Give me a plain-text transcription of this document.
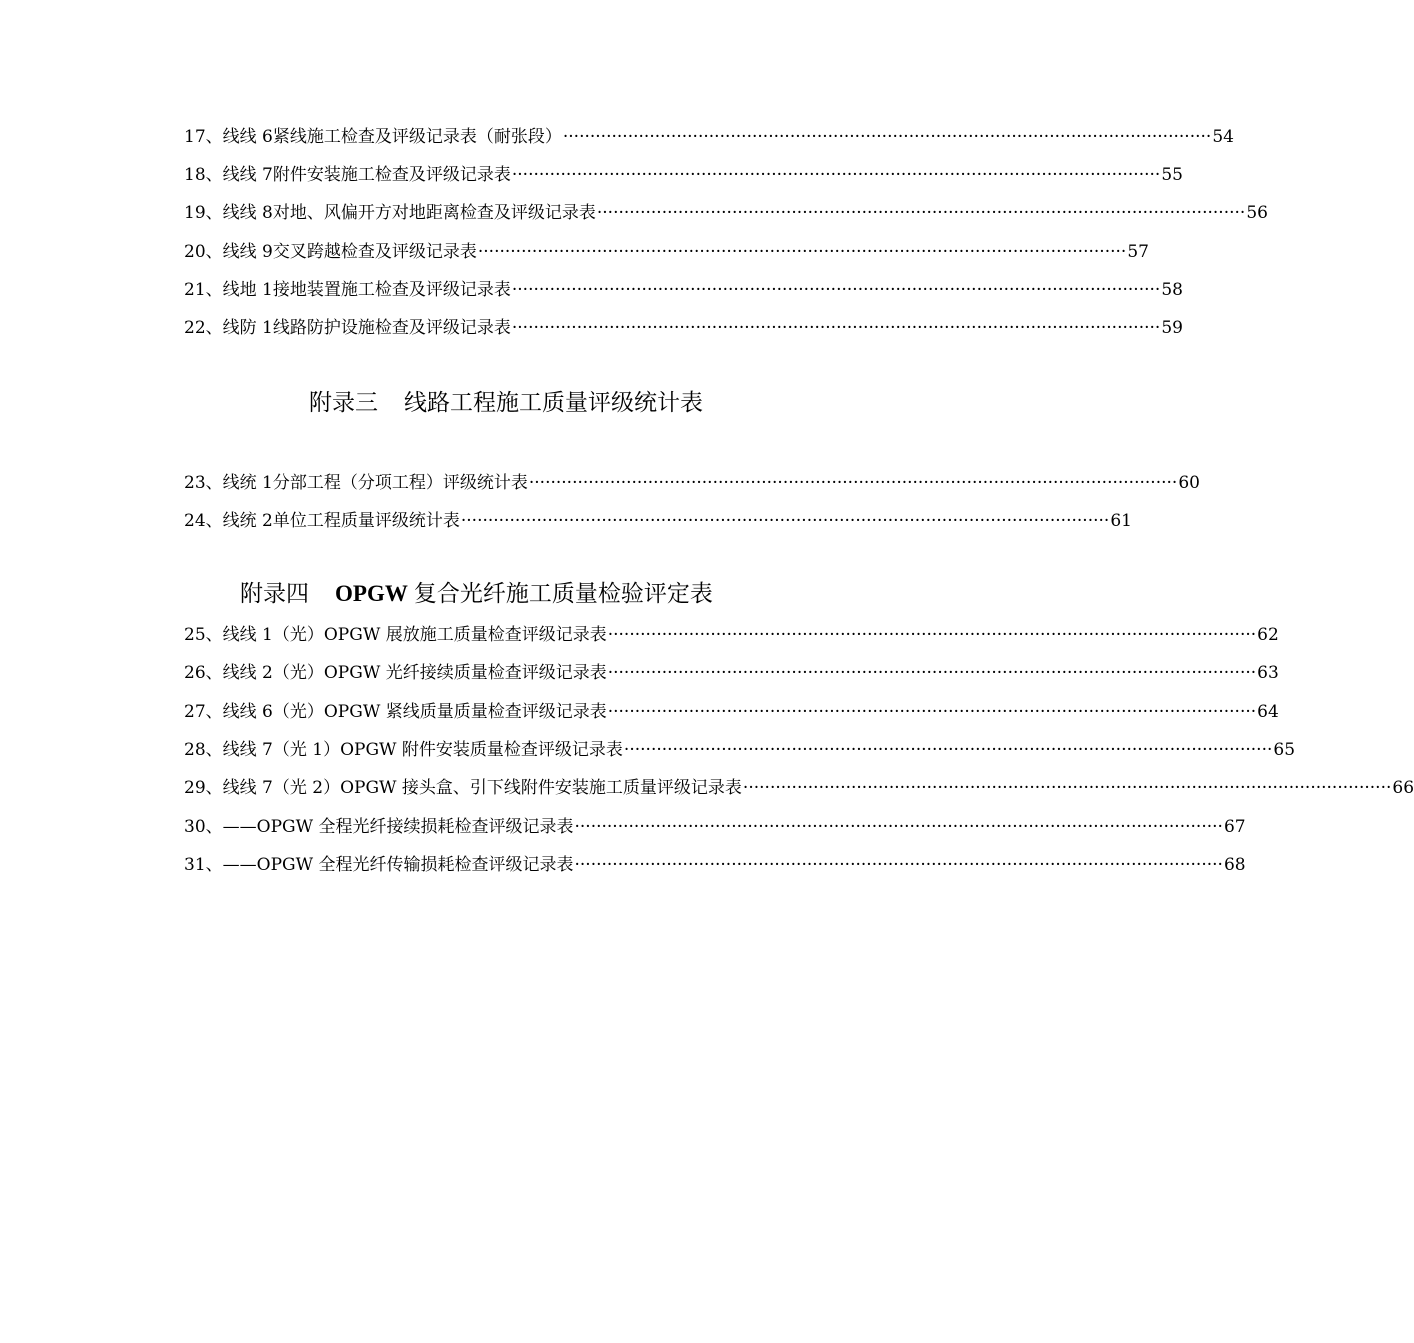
17、线线 6 紧线施工检查及评级记录表（耐张段） ························································································································ 54
18、线线 7 附件安装施工检查及评级记录表 ························································································································ 55
19、线线 8 对地、风偏开方对地距离检查及评级记录表 ························································································································ 56
20、线线 9 交叉跨越检查及评级记录表 ························································································································ 57
21、线地 1 接地装置施工检查及评级记录表 ························································································································ 58
22、线防 1 线路防护设施检查及评级记录表 ························································································································ 59
附录三 线路工程施工质量评级统计表
23、线统 1 分部工程（分项工程）评级统计表 ························································································································ 60
24、线统 2 单位工程质量评级统计表 ························································································································ 61
附录四 OPGW 复合光纤施工质量检验评定表
25、线线 1（光） OPGW 展放施工质量检查评级记录表 ························································································································ 62
26、线线 2（光） OPGW 光纤接续质量检查评级记录表 ························································································································ 63
27、线线 6（光） OPGW 紧线质量质量检查评级记录表 ························································································································ 64
28、线线 7（光 1） OPGW 附件安装质量检查评级记录表 ························································································································ 65
29、线线 7（光 2） OPGW 接头盒、引下线附件安装施工质量评级记录表 ························································································································ 66
30、 ——OPGW 全程光纤接续损耗检查评级记录表 ························································································································ 67
31、 ——OPGW 全程光纤传输损耗检查评级记录表 ························································································································ 68
